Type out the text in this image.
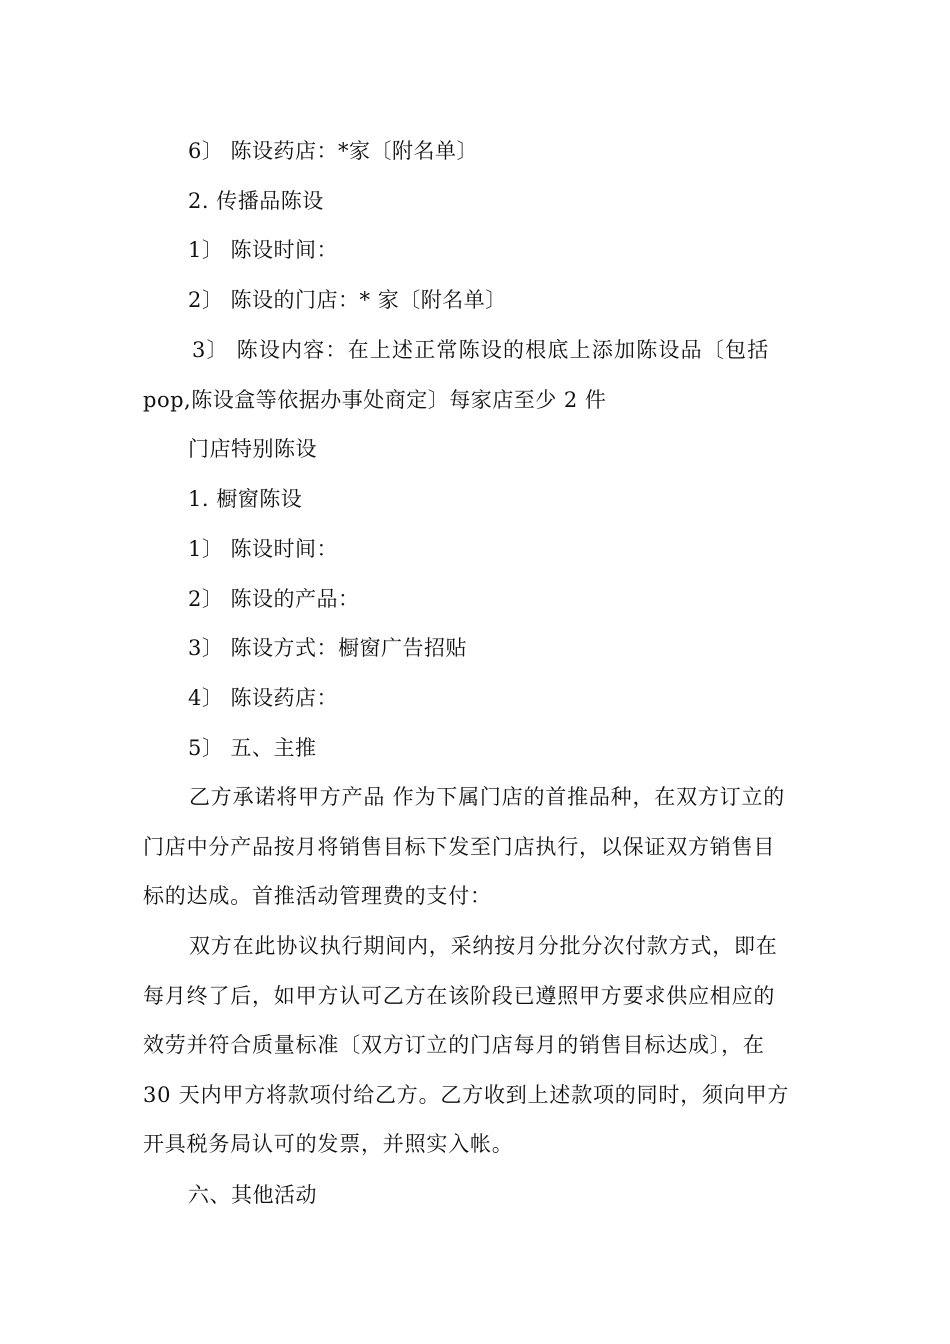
6〕 陈设药店：*家〔附名单〕
2. 传播品陈设
1〕 陈设时间：
2〕 陈设的门店：* 家〔附名单〕
3〕 陈设内容：在上述正常陈设的根底上添加陈设品〔包括
pop,陈设盒等依据办事处商定〕每家店至少 2 件
门店特别陈设
1. 橱窗陈设
1〕 陈设时间：
2〕 陈设的产品：
3〕 陈设方式：橱窗广告招贴
4〕 陈设药店：
5〕 五、主推
乙方承诺将甲方产品 作为下属门店的首推品种，在双方订立的
门店中分产品按月将销售目标下发至门店执行，以保证双方销售目
标的达成。首推活动管理费的支付：
双方在此协议执行期间内，采纳按月分批分次付款方式，即在
每月终了后，如甲方认可乙方在该阶段已遵照甲方要求供应相应的
效劳并符合质量标准〔双方订立的门店每月的销售目标达成〕，在
30 天内甲方将款项付给乙方。乙方收到上述款项的同时，须向甲方
开具税务局认可的发票，并照实入帐。
六、其他活动
